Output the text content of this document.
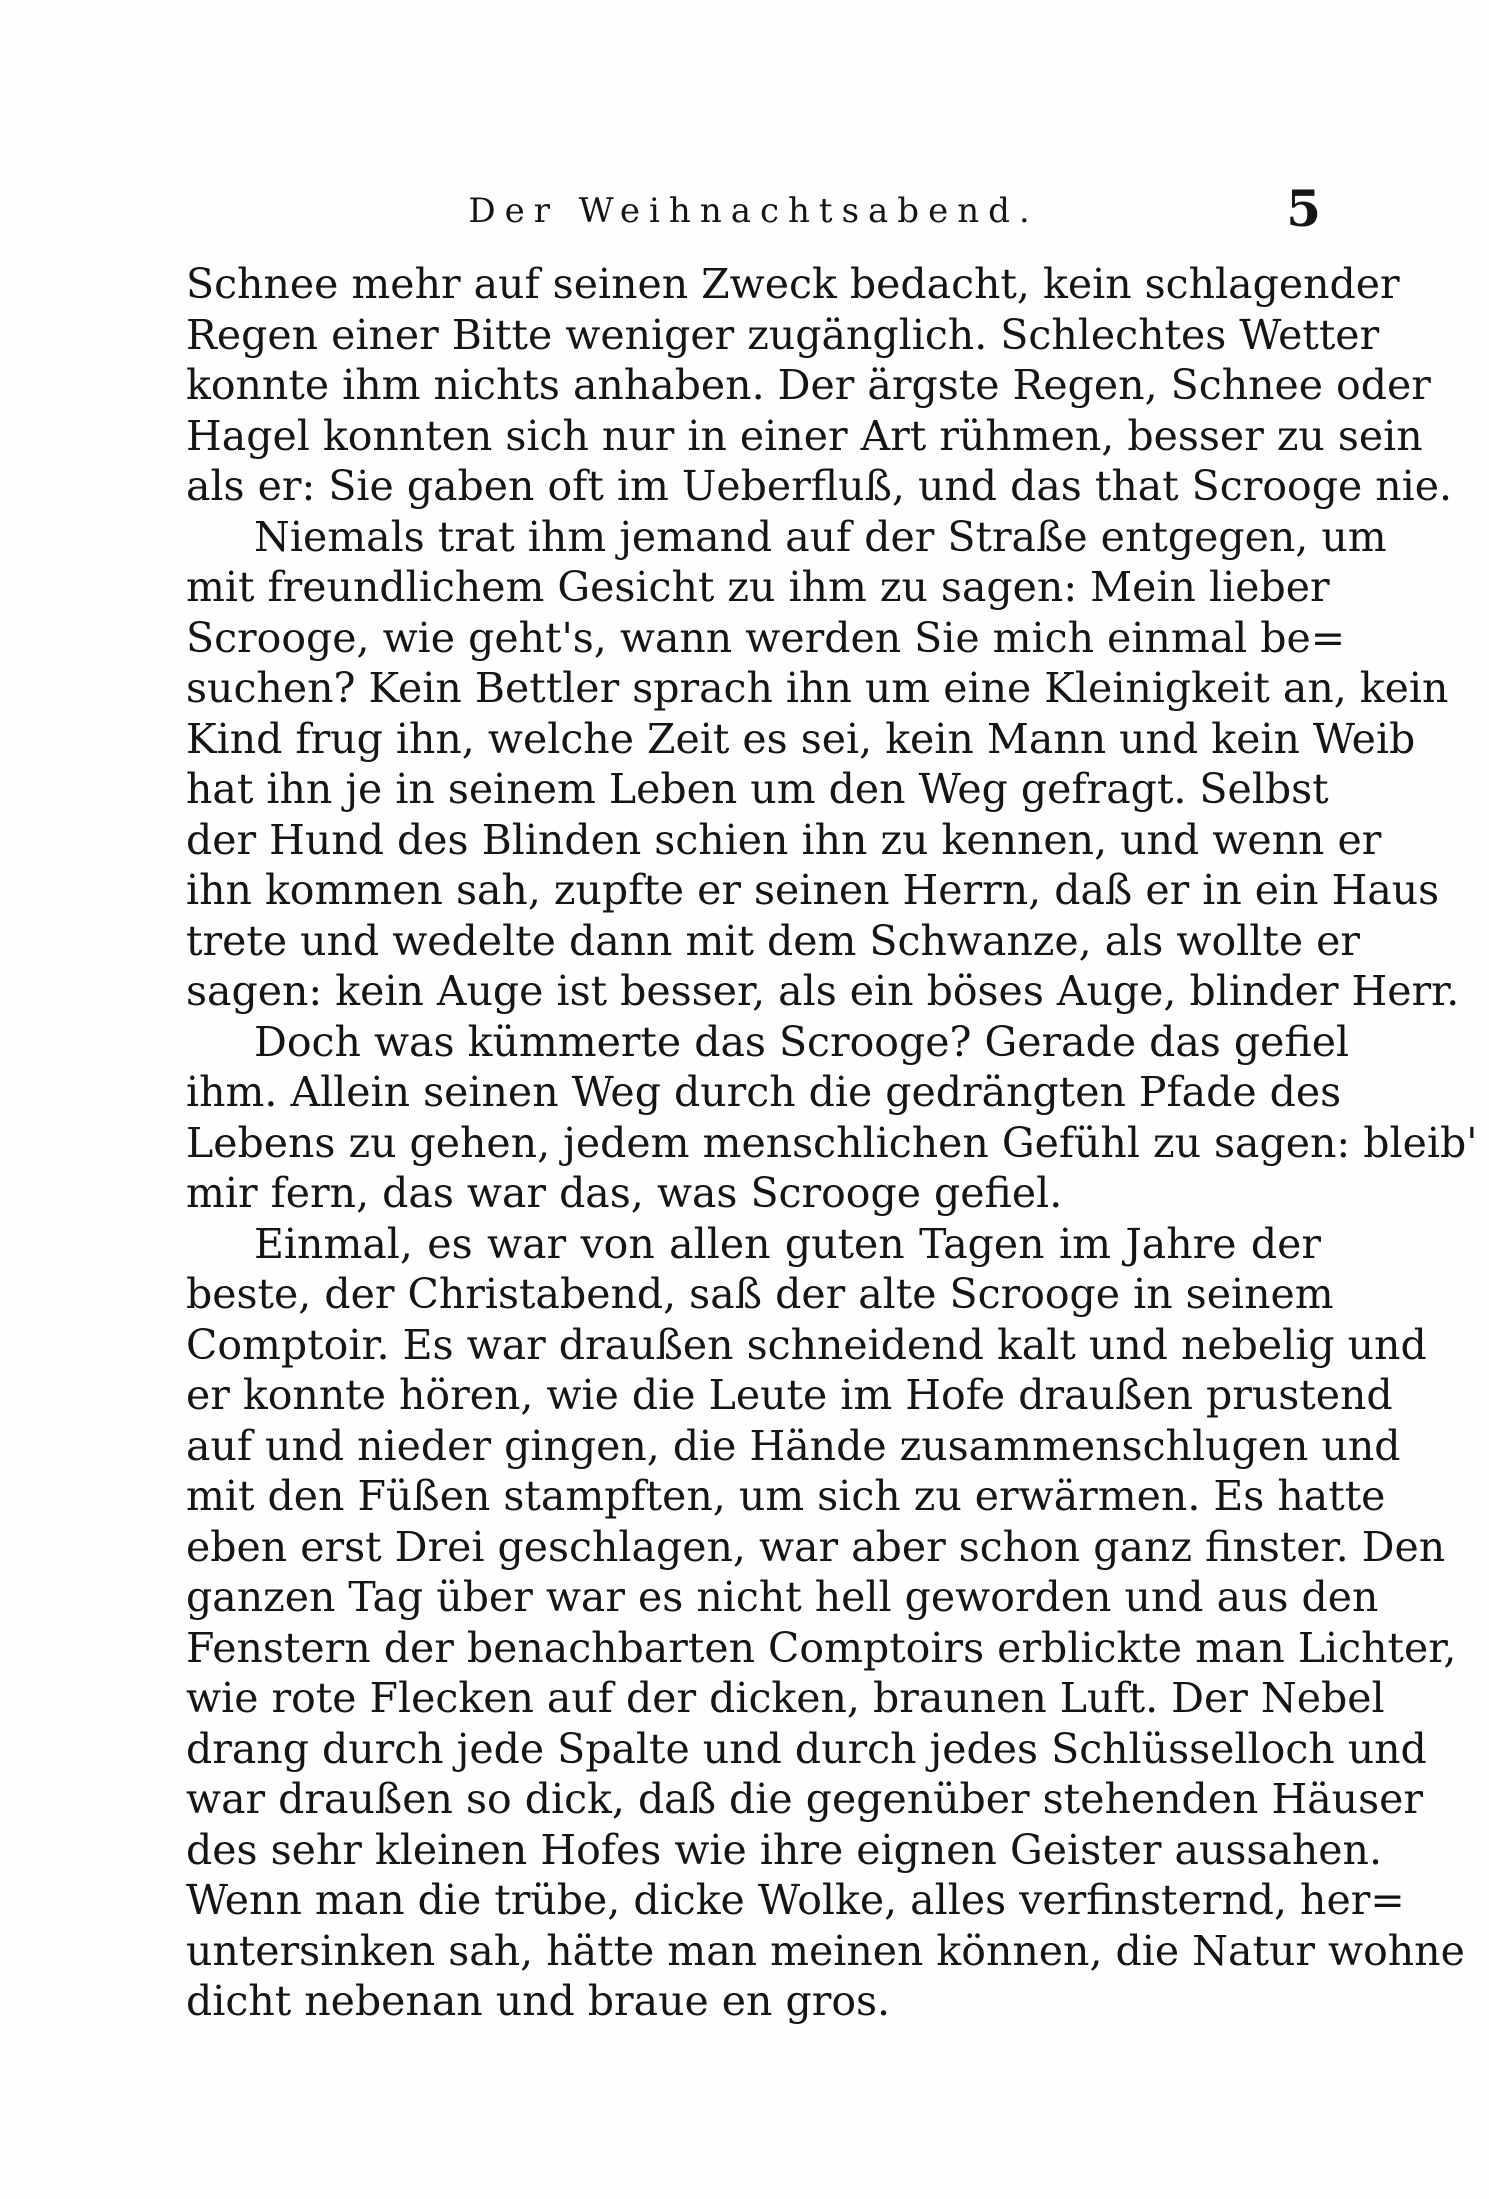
Der Weihnachtsabend.	5
Schnee mehr auf seinen Zweck bedacht, kein schlagender
Regen einer Bitte weniger zugänglich. Schlechtes Wetter
konnte ihm nichts anhaben. Der ärgste Regen, Schnee oder
Hagel konnten sich nur in einer Art rühmen, besser zu sein
als er: Sie gaben oft im Ueberfluß, und das that Scrooge nie.
Niemals trat ihm jemand auf der Straße entgegen, um
mit freundlichem Gesicht zu ihm zu sagen: Mein lieber
Scrooge, wie geht's, wann werden Sie mich einmal be=
suchen? Kein Bettler sprach ihn um eine Kleinigkeit an, kein
Kind frug ihn, welche Zeit es sei, kein Mann und kein Weib
hat ihn je in seinem Leben um den Weg gefragt. Selbst
der Hund des Blinden schien ihn zu kennen, und wenn er
ihn kommen sah, zupfte er seinen Herrn, daß er in ein Haus
trete und wedelte dann mit dem Schwanze, als wollte er
sagen: kein Auge ist besser, als ein böses Auge, blinder Herr.
Doch was kümmerte das Scrooge? Gerade das gefiel
ihm. Allein seinen Weg durch die gedrängten Pfade des
Lebens zu gehen, jedem menschlichen Gefühl zu sagen: bleib'
mir fern, das war das, was Scrooge gefiel.
Einmal, es war von allen guten Tagen im Jahre der
beste, der Christabend, saß der alte Scrooge in seinem
Comptoir. Es war draußen schneidend kalt und nebelig und
er konnte hören, wie die Leute im Hofe draußen prustend
auf und nieder gingen, die Hände zusammenschlugen und
mit den Füßen stampften, um sich zu erwärmen. Es hatte
eben erst Drei geschlagen, war aber schon ganz finster. Den
ganzen Tag über war es nicht hell geworden und aus den
Fenstern der benachbarten Comptoirs erblickte man Lichter,
wie rote Flecken auf der dicken, braunen Luft. Der Nebel
drang durch jede Spalte und durch jedes Schlüsselloch und
war draußen so dick, daß die gegenüber stehenden Häuser
des sehr kleinen Hofes wie ihre eignen Geister aussahen.
Wenn man die trübe, dicke Wolke, alles verfinsternd, her=
untersinken sah, hätte man meinen können, die Natur wohne
dicht nebenan und braue en gros.
